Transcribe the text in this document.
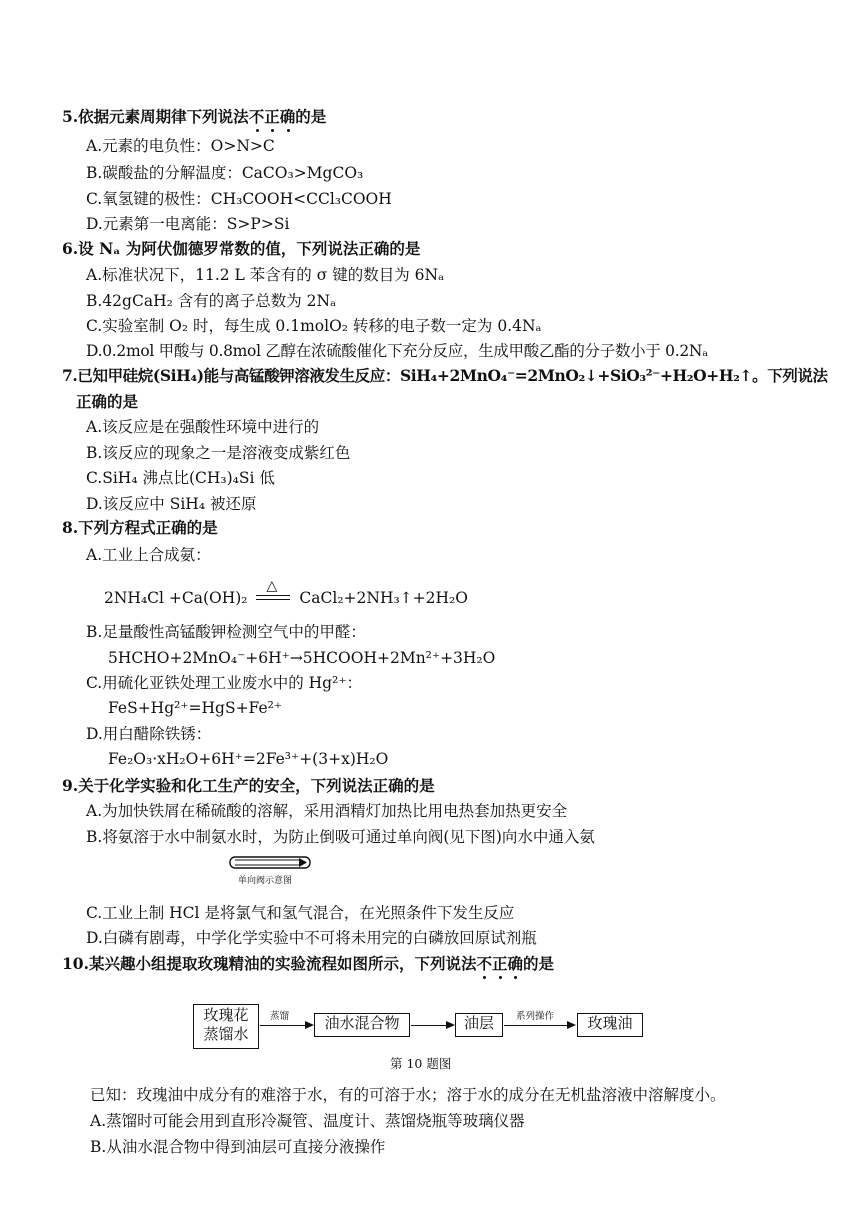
5.依据元素周期律下列说法不正确的是
A.元素的电负性：O>N>C
B.碳酸盐的分解温度：CaCO₃>MgCO₃
C.氧氢键的极性：CH₃COOH<CCl₃COOH
D.元素第一电离能：S>P>Si
6.设 Nₐ 为阿伏伽德罗常数的值，下列说法正确的是
A.标准状况下，11.2 L 苯含有的 σ 键的数目为 6Nₐ
B.42gCaH₂ 含有的离子总数为 2Nₐ
C.实验室制 O₂ 时，每生成 0.1molO₂ 转移的电子数一定为 0.4Nₐ
D.0.2mol 甲酸与 0.8mol 乙醇在浓硫酸催化下充分反应，生成甲酸乙酯的分子数小于 0.2Nₐ
7.已知甲硅烷(SiH₄)能与高锰酸钾溶液发生反应：SiH₄+2MnO₄⁻=2MnO₂↓+SiO₃²⁻+H₂O+H₂↑。下列说法
正确的是
A.该反应是在强酸性环境中进行的
B.该反应的现象之一是溶液变成紫红色
C.SiH₄ 沸点比(CH₃)₄Si 低
D.该反应中 SiH₄ 被还原
8.下列方程式正确的是
A.工业上合成氨：
2NH₄Cl +Ca(OH)₂
△
CaCl₂+2NH₃↑+2H₂O
B.足量酸性高锰酸钾检测空气中的甲醛：
5HCHO+2MnO₄⁻+6H⁺→5HCOOH+2Mn²⁺+3H₂O
C.用硫化亚铁处理工业废水中的 Hg²⁺：
FeS+Hg²⁺=HgS+Fe²⁺
D.用白醋除铁锈：
Fe₂O₃·xH₂O+6H⁺=2Fe³⁺+(3+x)H₂O
9.关于化学实验和化工生产的安全，下列说法正确的是
A.为加快铁屑在稀硫酸的溶解，采用酒精灯加热比用电热套加热更安全
B.将氨溶于水中制氨水时，为防止倒吸可通过单向阀(见下图)向水中通入氨
单向阀示意图
C.工业上制 HCl 是将氯气和氢气混合，在光照条件下发生反应
D.白磷有剧毒，中学化学实验中不可将未用完的白磷放回原试剂瓶
10.某兴趣小组提取玫瑰精油的实验流程如图所示，下列说法不正确的是
玫瑰花
蒸馏水
蒸馏	油水混合物	油层	系列操作	玫瑰油
第 10 题图
已知：玫瑰油中成分有的难溶于水，有的可溶于水；溶于水的成分在无机盐溶液中溶解度小。
A.蒸馏时可能会用到直形冷凝管、温度计、蒸馏烧瓶等玻璃仪器
B.从油水混合物中得到油层可直接分液操作
